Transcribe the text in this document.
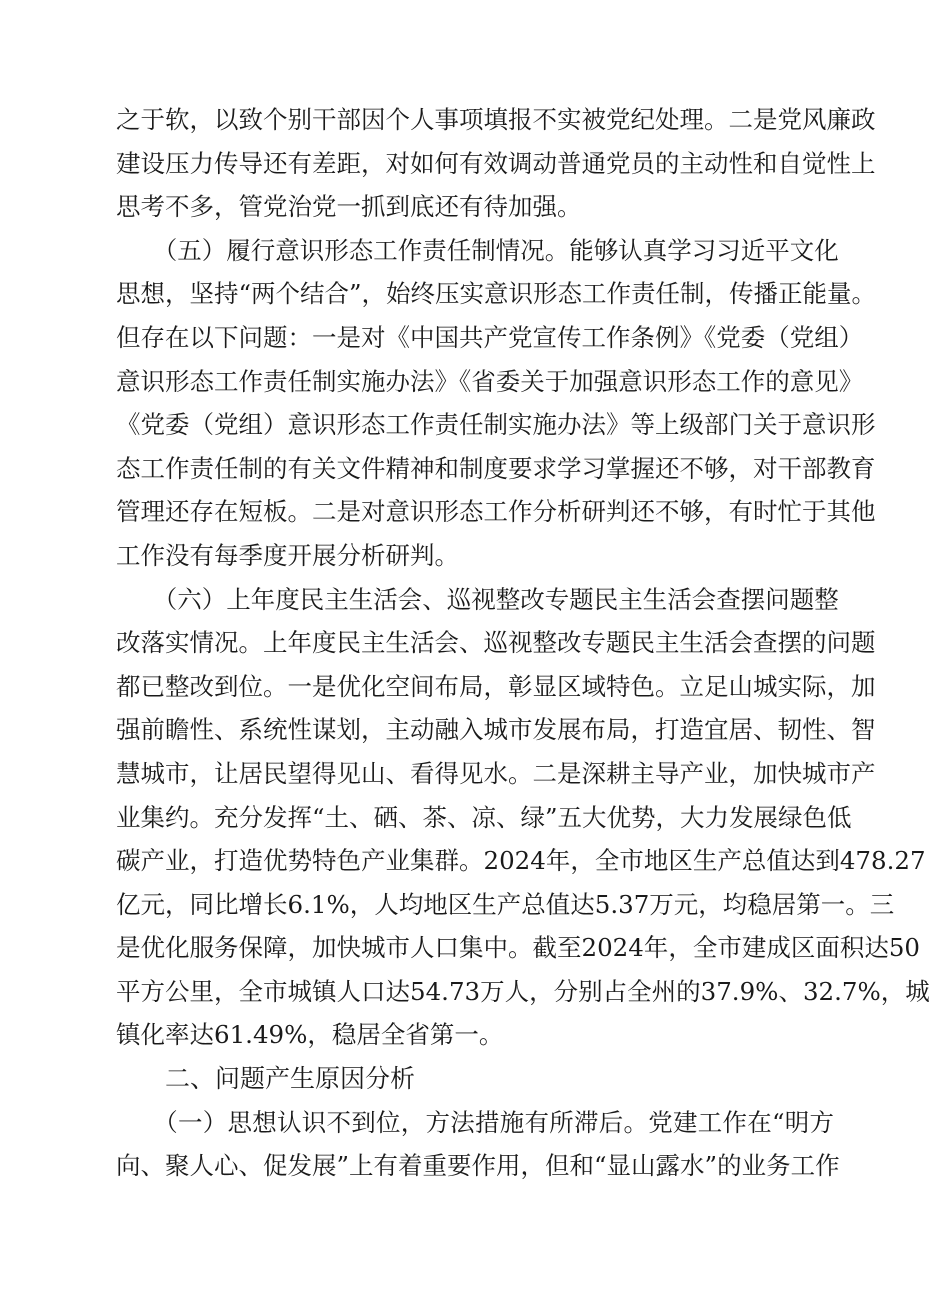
之于软，以致个别干部因个人事项填报不实被党纪处理。二是党风廉政
建设压力传导还有差距，对如何有效调动普通党员的主动性和自觉性上
思考不多，管党治党一抓到底还有待加强。
　　（五）履行意识形态工作责任制情况。能够认真学习习近平文化
思想，坚持“两个结合”，始终压实意识形态工作责任制，传播正能量。
但存在以下问题：一是对《中国共产党宣传工作条例》《党委（党组）
意识形态工作责任制实施办法》《省委关于加强意识形态工作的意见》
《党委（党组）意识形态工作责任制实施办法》等上级部门关于意识形
态工作责任制的有关文件精神和制度要求学习掌握还不够，对干部教育
管理还存在短板。二是对意识形态工作分析研判还不够，有时忙于其他
工作没有每季度开展分析研判。
　　（六）上年度民主生活会、巡视整改专题民主生活会查摆问题整
改落实情况。上年度民主生活会、巡视整改专题民主生活会查摆的问题
都已整改到位。一是优化空间布局，彰显区域特色。立足山城实际，加
强前瞻性、系统性谋划，主动融入城市发展布局，打造宜居、韧性、智
慧城市，让居民望得见山、看得见水。二是深耕主导产业，加快城市产
业集约。充分发挥“土、硒、茶、凉、绿”五大优势，大力发展绿色低
碳产业，打造优势特色产业集群。2024年，全市地区生产总值达到478.27
亿元，同比增长6.1%，人均地区生产总值达5.37万元，均稳居第一。三
是优化服务保障，加快城市人口集中。截至2024年，全市建成区面积达50
平方公里，全市城镇人口达54.73万人，分别占全州的37.9%、32.7%，城
镇化率达61.49%，稳居全省第一。
二、问题产生原因分析
　　（一）思想认识不到位，方法措施有所滞后。党建工作在“明方
向、聚人心、促发展”上有着重要作用，但和“显山露水”的业务工作
